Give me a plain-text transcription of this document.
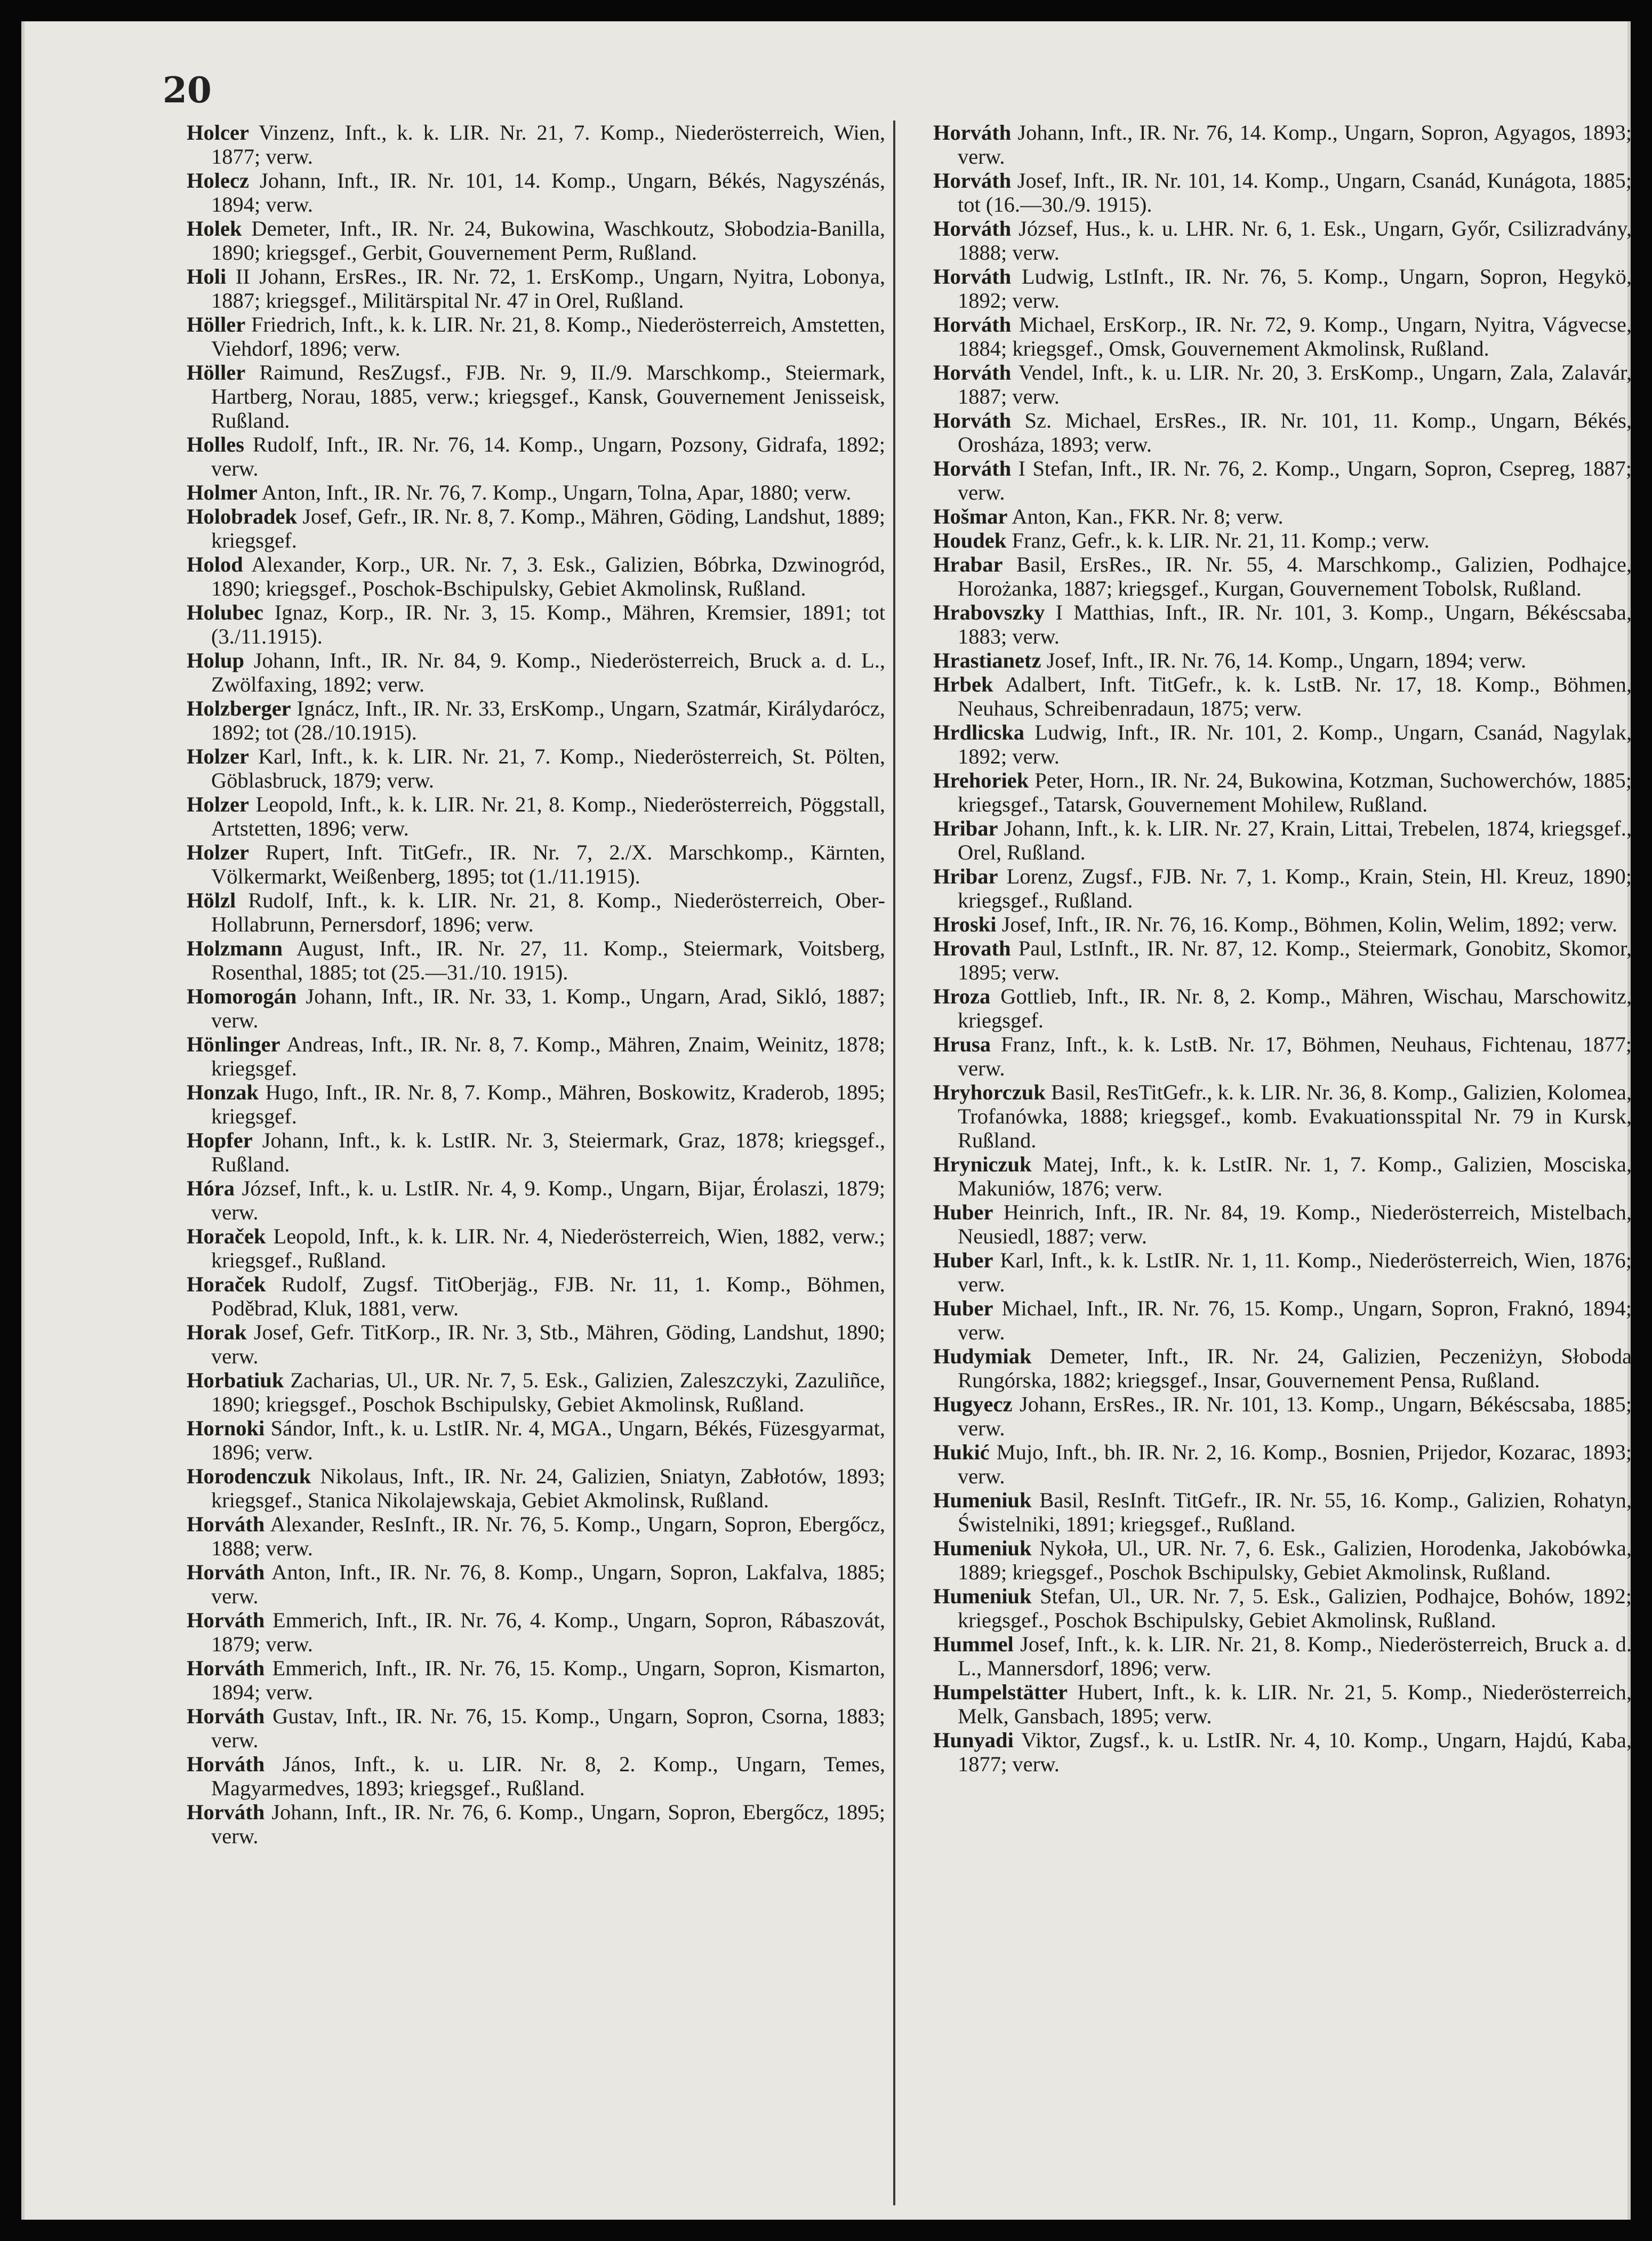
20

Holcer Vinzenz, Inft., k. k. LIR. Nr. 21, 7. Komp., Niederösterreich, Wien, 1877; verw.

Holecz Johann, Inft., IR. Nr. 101, 14. Komp., Ungarn, Békés, Nagyszénás, 1894; verw.

Holek Demeter, Inft., IR. Nr. 24, Bukowina, Waschkoutz, Słobodzia-Banilla, 1890; kriegsgef., Gerbit, Gouvernement Perm, Rußland.

Holi II Johann, ErsRes., IR. Nr. 72, 1. ErsKomp., Ungarn, Nyitra, Lobonya, 1887; kriegsgef., Militärspital Nr. 47 in Orel, Rußland.

Höller Friedrich, Inft., k. k. LIR. Nr. 21, 8. Komp., Niederösterreich, Amstetten, Viehdorf, 1896; verw.

Höller Raimund, ResZugsf., FJB. Nr. 9, II./9. Marschkomp., Steiermark, Hartberg, Norau, 1885, verw.; kriegsgef., Kansk, Gouvernement Jenisseisk, Rußland.

Holles Rudolf, Inft., IR. Nr. 76, 14. Komp., Ungarn, Pozsony, Gidrafa, 1892; verw.

Holmer Anton, Inft., IR. Nr. 76, 7. Komp., Ungarn, Tolna, Apar, 1880; verw.

Holobradek Josef, Gefr., IR. Nr. 8, 7. Komp., Mähren, Göding, Landshut, 1889; kriegsgef.

Holod Alexander, Korp., UR. Nr. 7, 3. Esk., Galizien, Bóbrka, Dzwinogród, 1890; kriegsgef., Poschok-Bschipulsky, Gebiet Akmolinsk, Rußland.

Holubec Ignaz, Korp., IR. Nr. 3, 15. Komp., Mähren, Kremsier, 1891; tot (3./11.1915).

Holup Johann, Inft., IR. Nr. 84, 9. Komp., Niederösterreich, Bruck a. d. L., Zwölfaxing, 1892; verw.

Holzberger Ignácz, Inft., IR. Nr. 33, ErsKomp., Ungarn, Szatmár, Királydarócz, 1892; tot (28./10.1915).

Holzer Karl, Inft., k. k. LIR. Nr. 21, 7. Komp., Niederösterreich, St. Pölten, Göblasbruck, 1879; verw.

Holzer Leopold, Inft., k. k. LIR. Nr. 21, 8. Komp., Niederösterreich, Pöggstall, Artstetten, 1896; verw.

Holzer Rupert, Inft. TitGefr., IR. Nr. 7, 2./X. Marschkomp., Kärnten, Völkermarkt, Weißenberg, 1895; tot (1./11.1915).

Hölzl Rudolf, Inft., k. k. LIR. Nr. 21, 8. Komp., Niederösterreich, Ober-Hollabrunn, Pernersdorf, 1896; verw.

Holzmann August, Inft., IR. Nr. 27, 11. Komp., Steiermark, Voitsberg, Rosenthal, 1885; tot (25.—31./10. 1915).

Homorogán Johann, Inft., IR. Nr. 33, 1. Komp., Ungarn, Arad, Sikló, 1887; verw.

Hönlinger Andreas, Inft., IR. Nr. 8, 7. Komp., Mähren, Znaim, Weinitz, 1878; kriegsgef.

Honzak Hugo, Inft., IR. Nr. 8, 7. Komp., Mähren, Boskowitz, Kraderob, 1895; kriegsgef.

Hopfer Johann, Inft., k. k. LstIR. Nr. 3, Steiermark, Graz, 1878; kriegsgef., Rußland.

Hóra József, Inft., k. u. LstIR. Nr. 4, 9. Komp., Ungarn, Bijar, Érolaszi, 1879; verw.

Horaček Leopold, Inft., k. k. LIR. Nr. 4, Niederösterreich, Wien, 1882, verw.; kriegsgef., Rußland.

Horaček Rudolf, Zugsf. TitOberjäg., FJB. Nr. 11, 1. Komp., Böhmen, Poděbrad, Kluk, 1881, verw.

Horak Josef, Gefr. TitKorp., IR. Nr. 3, Stb., Mähren, Göding, Landshut, 1890; verw.

Horbatiuk Zacharias, Ul., UR. Nr. 7, 5. Esk., Galizien, Zaleszczyki, Zazuliñce, 1890; kriegsgef., Poschok Bschipulsky, Gebiet Akmolinsk, Rußland.

Hornoki Sándor, Inft., k. u. LstIR. Nr. 4, MGA., Ungarn, Békés, Füzesgyarmat, 1896; verw.

Horodenczuk Nikolaus, Inft., IR. Nr. 24, Galizien, Sniatyn, Zabłotów, 1893; kriegsgef., Stanica Nikolajewskaja, Gebiet Akmolinsk, Rußland.

Horváth Alexander, ResInft., IR. Nr. 76, 5. Komp., Ungarn, Sopron, Ebergőcz, 1888; verw.

Horváth Anton, Inft., IR. Nr. 76, 8. Komp., Ungarn, Sopron, Lakfalva, 1885; verw.

Horváth Emmerich, Inft., IR. Nr. 76, 4. Komp., Ungarn, Sopron, Rábaszovát, 1879; verw.

Horváth Emmerich, Inft., IR. Nr. 76, 15. Komp., Ungarn, Sopron, Kismarton, 1894; verw.

Horváth Gustav, Inft., IR. Nr. 76, 15. Komp., Ungarn, Sopron, Csorna, 1883; verw.

Horváth János, Inft., k. u. LIR. Nr. 8, 2. Komp., Ungarn, Temes, Magyarmedves, 1893; kriegsgef., Rußland.

Horváth Johann, Inft., IR. Nr. 76, 6. Komp., Ungarn, Sopron, Ebergőcz, 1895; verw.

Horváth Johann, Inft., IR. Nr. 76, 14. Komp., Ungarn, Sopron, Agyagos, 1893; verw.

Horváth Josef, Inft., IR. Nr. 101, 14. Komp., Ungarn, Csanád, Kunágota, 1885; tot (16.—30./9. 1915).

Horváth József, Hus., k. u. LHR. Nr. 6, 1. Esk., Ungarn, Győr, Csilizradvány, 1888; verw.

Horváth Ludwig, LstInft., IR. Nr. 76, 5. Komp., Ungarn, Sopron, Hegykö, 1892; verw.

Horváth Michael, ErsKorp., IR. Nr. 72, 9. Komp., Ungarn, Nyitra, Vágvecse, 1884; kriegsgef., Omsk, Gouvernement Akmolinsk, Rußland.

Horváth Vendel, Inft., k. u. LIR. Nr. 20, 3. ErsKomp., Ungarn, Zala, Zalavár, 1887; verw.

Horváth Sz. Michael, ErsRes., IR. Nr. 101, 11. Komp., Ungarn, Békés, Orosháza, 1893; verw.

Horváth I Stefan, Inft., IR. Nr. 76, 2. Komp., Ungarn, Sopron, Csepreg, 1887; verw.

Hošmar Anton, Kan., FKR. Nr. 8; verw.

Houdek Franz, Gefr., k. k. LIR. Nr. 21, 11. Komp.; verw.

Hrabar Basil, ErsRes., IR. Nr. 55, 4. Marschkomp., Galizien, Podhajce, Horożanka, 1887; kriegsgef., Kurgan, Gouvernement Tobolsk, Rußland.

Hrabovszky I Matthias, Inft., IR. Nr. 101, 3. Komp., Ungarn, Békéscsaba, 1883; verw.

Hrastianetz Josef, Inft., IR. Nr. 76, 14. Komp., Ungarn, 1894; verw.

Hrbek Adalbert, Inft. TitGefr., k. k. LstB. Nr. 17, 18. Komp., Böhmen, Neuhaus, Schreibenradaun, 1875; verw.

Hrdlicska Ludwig, Inft., IR. Nr. 101, 2. Komp., Ungarn, Csanád, Nagylak, 1892; verw.

Hrehoriek Peter, Horn., IR. Nr. 24, Bukowina, Kotzman, Suchowerchów, 1885; kriegsgef., Tatarsk, Gouvernement Mohilew, Rußland.

Hribar Johann, Inft., k. k. LIR. Nr. 27, Krain, Littai, Trebelen, 1874, kriegsgef., Orel, Rußland.

Hribar Lorenz, Zugsf., FJB. Nr. 7, 1. Komp., Krain, Stein, Hl. Kreuz, 1890; kriegsgef., Rußland.

Hroski Josef, Inft., IR. Nr. 76, 16. Komp., Böhmen, Kolin, Welim, 1892; verw.

Hrovath Paul, LstInft., IR. Nr. 87, 12. Komp., Steiermark, Gonobitz, Skomor, 1895; verw.

Hroza Gottlieb, Inft., IR. Nr. 8, 2. Komp., Mähren, Wischau, Marschowitz, kriegsgef.

Hrusa Franz, Inft., k. k. LstB. Nr. 17, Böhmen, Neuhaus, Fichtenau, 1877; verw.

Hryhorczuk Basil, ResTitGefr., k. k. LIR. Nr. 36, 8. Komp., Galizien, Kolomea, Trofanówka, 1888; kriegsgef., komb. Evakuationsspital Nr. 79 in Kursk, Rußland.

Hryniczuk Matej, Inft., k. k. LstIR. Nr. 1, 7. Komp., Galizien, Mosciska, Makuniów, 1876; verw.

Huber Heinrich, Inft., IR. Nr. 84, 19. Komp., Niederösterreich, Mistelbach, Neusiedl, 1887; verw.

Huber Karl, Inft., k. k. LstIR. Nr. 1, 11. Komp., Niederösterreich, Wien, 1876; verw.

Huber Michael, Inft., IR. Nr. 76, 15. Komp., Ungarn, Sopron, Fraknó, 1894; verw.

Hudymiak Demeter, Inft., IR. Nr. 24, Galizien, Peczeniżyn, Słoboda Rungórska, 1882; kriegsgef., Insar, Gouvernement Pensa, Rußland.

Hugyecz Johann, ErsRes., IR. Nr. 101, 13. Komp., Ungarn, Békéscsaba, 1885; verw.

Hukić Mujo, Inft., bh. IR. Nr. 2, 16. Komp., Bosnien, Prijedor, Kozarac, 1893; verw.

Humeniuk Basil, ResInft. TitGefr., IR. Nr. 55, 16. Komp., Galizien, Rohatyn, Świstelniki, 1891; kriegsgef., Rußland.

Humeniuk Nykoła, Ul., UR. Nr. 7, 6. Esk., Galizien, Horodenka, Jakobówka, 1889; kriegsgef., Poschok Bschipulsky, Gebiet Akmolinsk, Rußland.

Humeniuk Stefan, Ul., UR. Nr. 7, 5. Esk., Galizien, Podhajce, Bohów, 1892; kriegsgef., Poschok Bschipulsky, Gebiet Akmolinsk, Rußland.

Hummel Josef, Inft., k. k. LIR. Nr. 21, 8. Komp., Niederösterreich, Bruck a. d. L., Mannersdorf, 1896; verw.

Humpelstätter Hubert, Inft., k. k. LIR. Nr. 21, 5. Komp., Niederösterreich, Melk, Gansbach, 1895; verw.

Hunyadi Viktor, Zugsf., k. u. LstIR. Nr. 4, 10. Komp., Ungarn, Hajdú, Kaba, 1877; verw.
